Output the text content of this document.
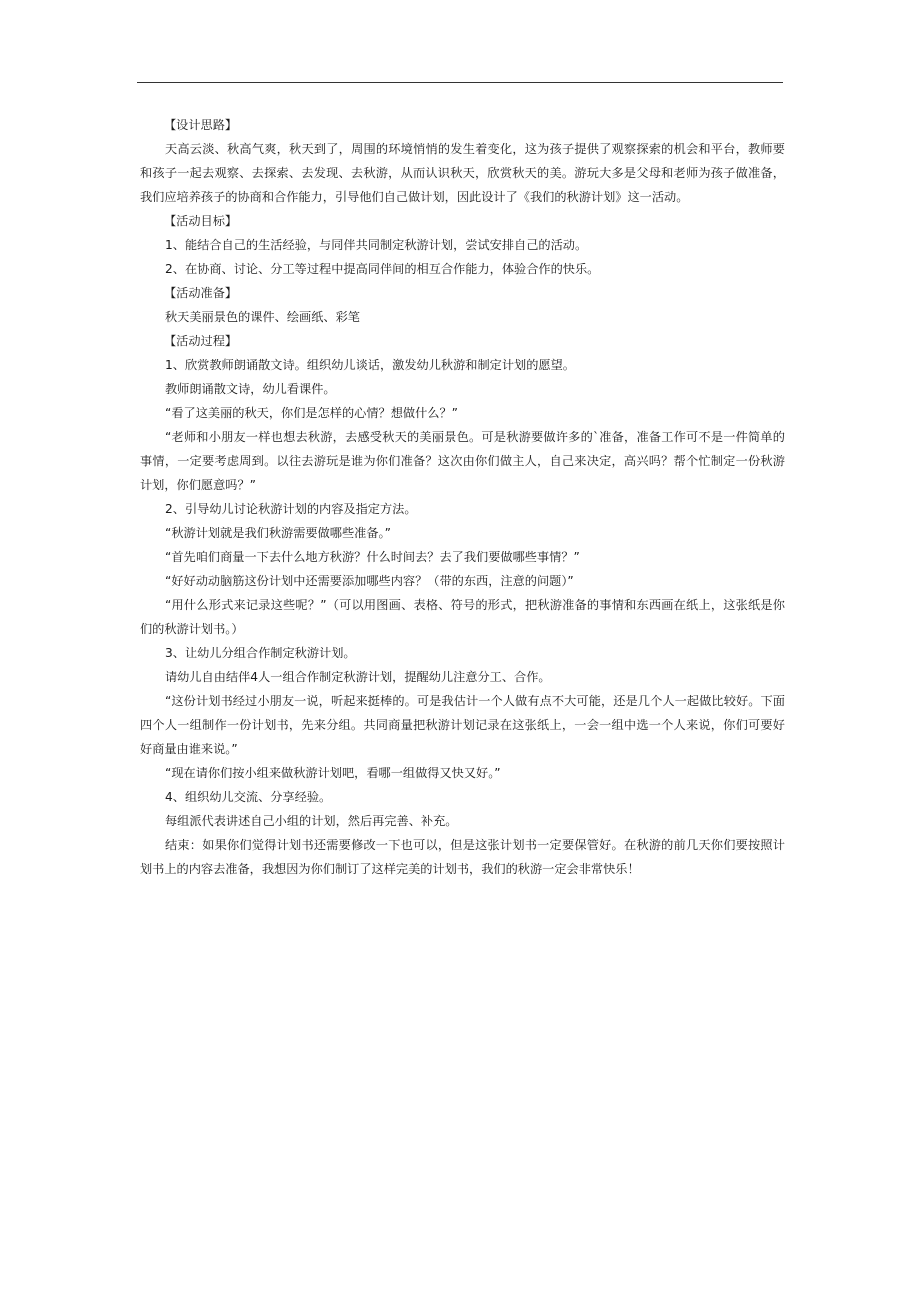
【设计思路】

天高云淡、秋高气爽，秋天到了，周围的环境悄悄的发生着变化，这为孩子提供了观察探索的机会和平台，教师要和孩子一起去观察、去探索、去发现、去秋游，从而认识秋天，欣赏秋天的美。游玩大多是父母和老师为孩子做准备，我们应培养孩子的协商和合作能力，引导他们自己做计划，因此设计了《我们的秋游计划》这一活动。

【活动目标】

1、能结合自己的生活经验，与同伴共同制定秋游计划，尝试安排自己的活动。

2、在协商、讨论、分工等过程中提高同伴间的相互合作能力，体验合作的快乐。

【活动准备】

秋天美丽景色的课件、绘画纸、彩笔

【活动过程】

1、欣赏教师朗诵散文诗。组织幼儿谈话，激发幼儿秋游和制定计划的愿望。

教师朗诵散文诗，幼儿看课件。

“看了这美丽的秋天，你们是怎样的心情？想做什么？”

“老师和小朋友一样也想去秋游，去感受秋天的美丽景色。可是秋游要做许多的`准备，准备工作可不是一件简单的事情，一定要考虑周到。以往去游玩是谁为你们准备？这次由你们做主人，自己来决定，高兴吗？帮个忙制定一份秋游计划，你们愿意吗？”

2、引导幼儿讨论秋游计划的内容及指定方法。

“秋游计划就是我们秋游需要做哪些准备。”

“首先咱们商量一下去什么地方秋游？什么时间去？去了我们要做哪些事情？”

“好好动动脑筋这份计划中还需要添加哪些内容？（带的东西，注意的问题）”

“用什么形式来记录这些呢？”（可以用图画、表格、符号的形式，把秋游准备的事情和东西画在纸上，这张纸是你们的秋游计划书。）

3、让幼儿分组合作制定秋游计划。

请幼儿自由结伴4人一组合作制定秋游计划，提醒幼儿注意分工、合作。

“这份计划书经过小朋友一说，听起来挺棒的。可是我估计一个人做有点不大可能，还是几个人一起做比较好。下面四个人一组制作一份计划书，先来分组。共同商量把秋游计划记录在这张纸上，一会一组中选一个人来说，你们可要好好商量由谁来说。”

“现在请你们按小组来做秋游计划吧，看哪一组做得又快又好。”

4、组织幼儿交流、分享经验。

每组派代表讲述自己小组的计划，然后再完善、补充。

结束：如果你们觉得计划书还需要修改一下也可以，但是这张计划书一定要保管好。在秋游的前几天你们要按照计划书上的内容去准备，我想因为你们制订了这样完美的计划书，我们的秋游一定会非常快乐！
